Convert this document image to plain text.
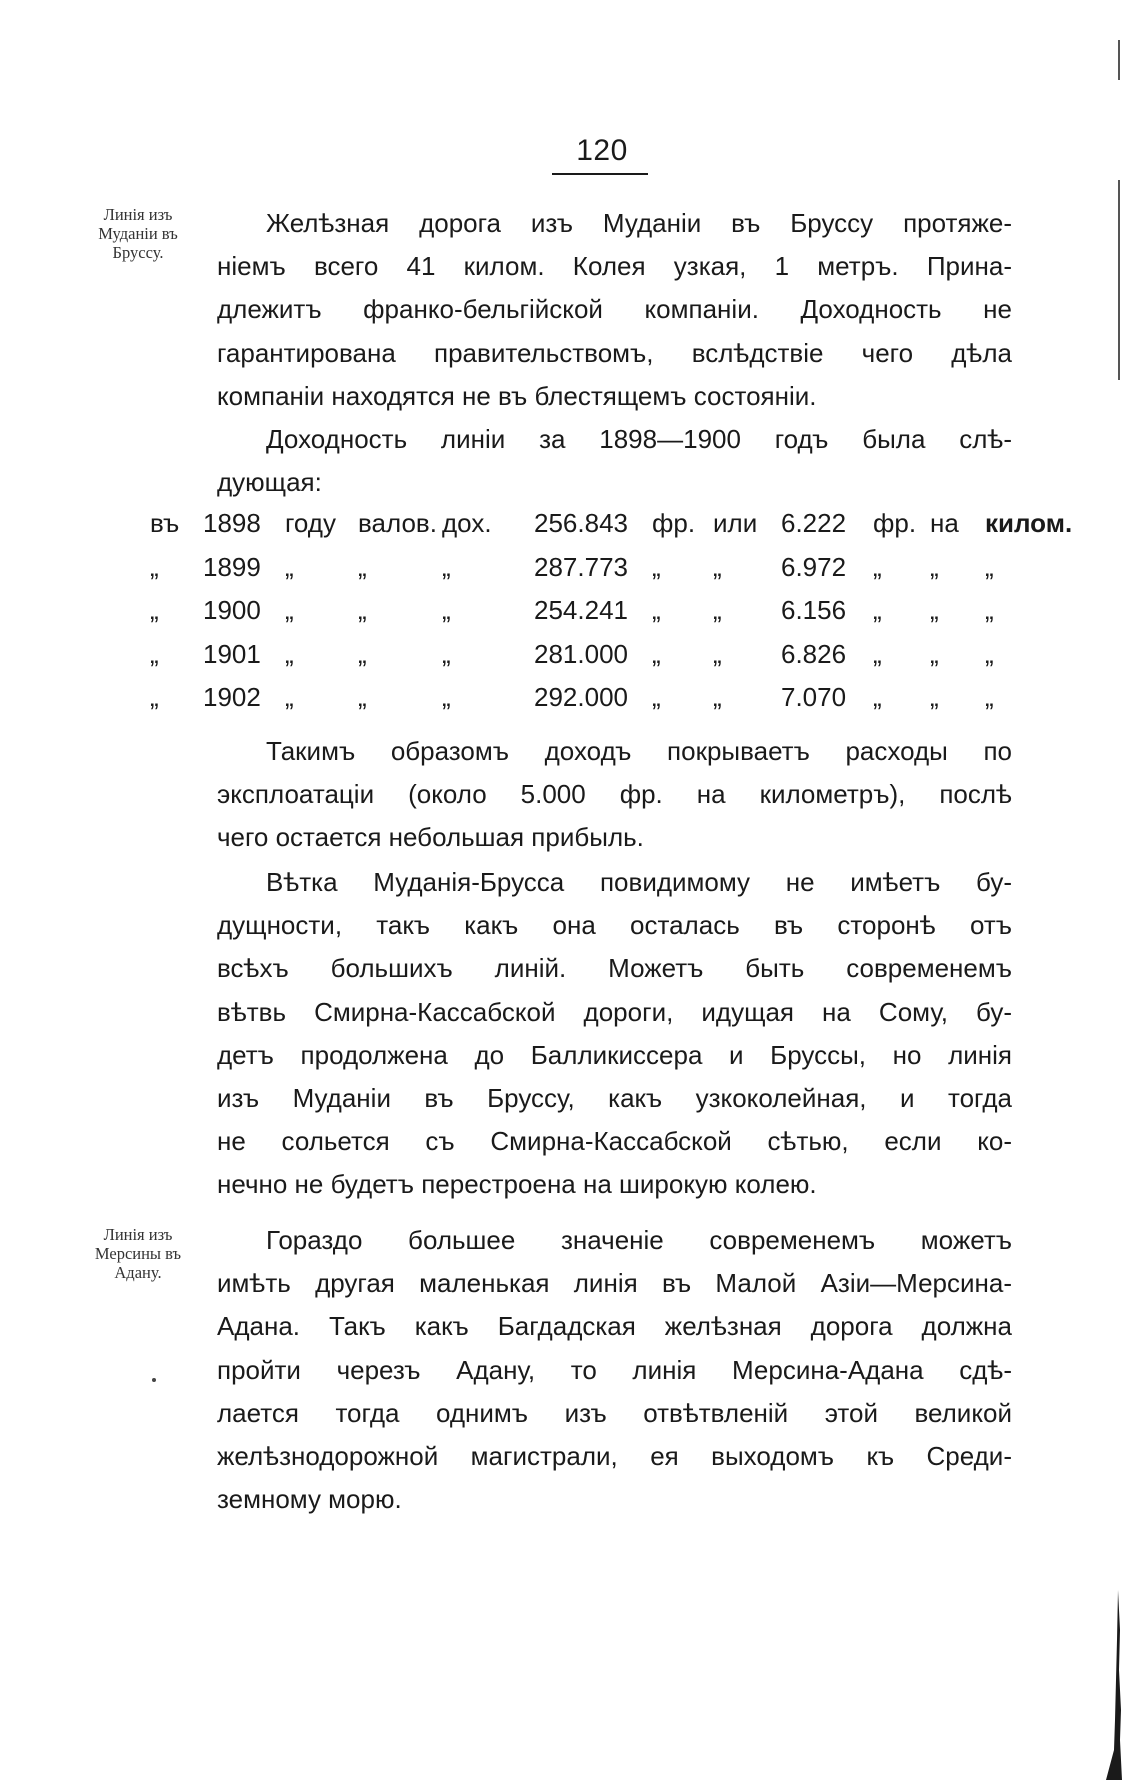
120
Линія изъ
Муданіи въ
Бруссу.
Желѣзная дорога изъ Муданіи въ Бруссу протяже-
ніемъ всего 41 килом. Колея узкая, 1 метръ. Прина-
длежитъ франко-бельгійской компаніи. Доходность не
гарантирована правительствомъ, вслѣдствіе чего дѣла
компаніи находятся не въ блестящемъ состояніи.
Доходность линіи за 1898—1900 годъ была слѣ-
дующая:
въ 1898 году валов. дох. 256.843 фр. или 6.222 фр. на килом.
„	1899 „ „	„	287.773 „ „ 6.972 „ „ „
„	1900 „ „	„	254.241 „ „ 6.156 „ „ „
„	1901 „ „	„	281.000 „ „ 6.826 „ „ „
„	1902 „ „	„	292.000 „ „ 7.070 „ „ „
Такимъ образомъ доходъ покрываетъ расходы по
эксплоатаціи (около 5.000 фр. на километръ), послѣ
чего остается небольшая прибыль.
Вѣтка Муданія-Брусса повидимому не имѣетъ бу-
дущности, такъ какъ она осталась въ сторонѣ отъ
всѣхъ большихъ линій. Можетъ быть современемъ
вѣтвь Смирна-Кассабской дороги, идущая на Сому, бу-
детъ продолжена до Балликиссера и Бруссы, но линія
изъ Муданіи въ Бруссу, какъ узкоколейная, и тогда
не сольется съ Смирна-Кассабской сѣтью, если ко-
нечно не будетъ перестроена на широкую колею.
Линія изъ
Мерсины въ
Адану.
Гораздо большее значеніе современемъ можетъ
имѣть другая маленькая линія въ Малой Азіи—Мерсина-
Адана. Такъ какъ Багдадская желѣзная дорога должна
пройти черезъ Адану, то линія Мерсина-Адана сдѣ-
лается тогда однимъ изъ отвѣтвленій этой великой
желѣзнодорожной магистрали, ея выходомъ къ Среди-
земному морю.
